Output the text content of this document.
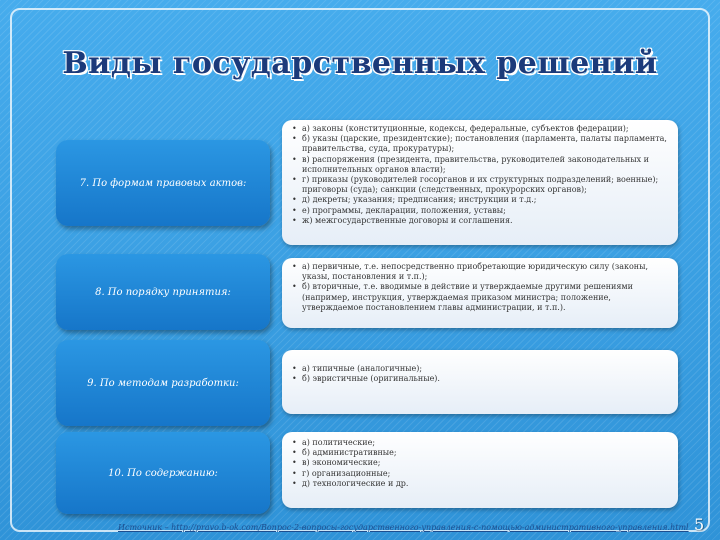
Виды государственных решений
7. По формам правовых актов:
• а) законы (конституционные, кодексы, федеральные, субъектов федерации);
• б) указы (царские, президентские); постановления (парламента, палаты парламента, правительства, суда, прокуратуры);
• в) распоряжения (президента, правительства, руководителей законодательных и исполнительных органов власти);
• г) приказы (руководителей госорганов и их структурных подразделений; военные); приговоры (суда); санкции (следственных, прокурорских органов);
• д) декреты; указания; предписания; инструкции и т.д.;
• е) программы, декларации, положения, уставы;
• ж) межгосударственные договоры и соглашения.
8. По порядку принятия:
• а) первичные, т.е. непосредственно приобретающие юридическую силу (законы, указы, постановления и т.п.);
• б) вторичные, т.е. вводимые в действие и утверждаемые другими решениями (например, инструкция, утверждаемая приказом министра; положение, утверждаемое постановлением главы администрации, и т.п.).
9. По методам разработки:
• а) типичные (аналогичные);
• б) эвристичные (оригинальные).
10. По содержанию:
• а) политические;
• б) административные;
• в) экономические;
• г) организационные;
• д) технологические и др.
Источник – http://pravo.b-ok.com/Вопрос-2-вопросы-государственного-управления-с-помощью-административного-управления.html 5
